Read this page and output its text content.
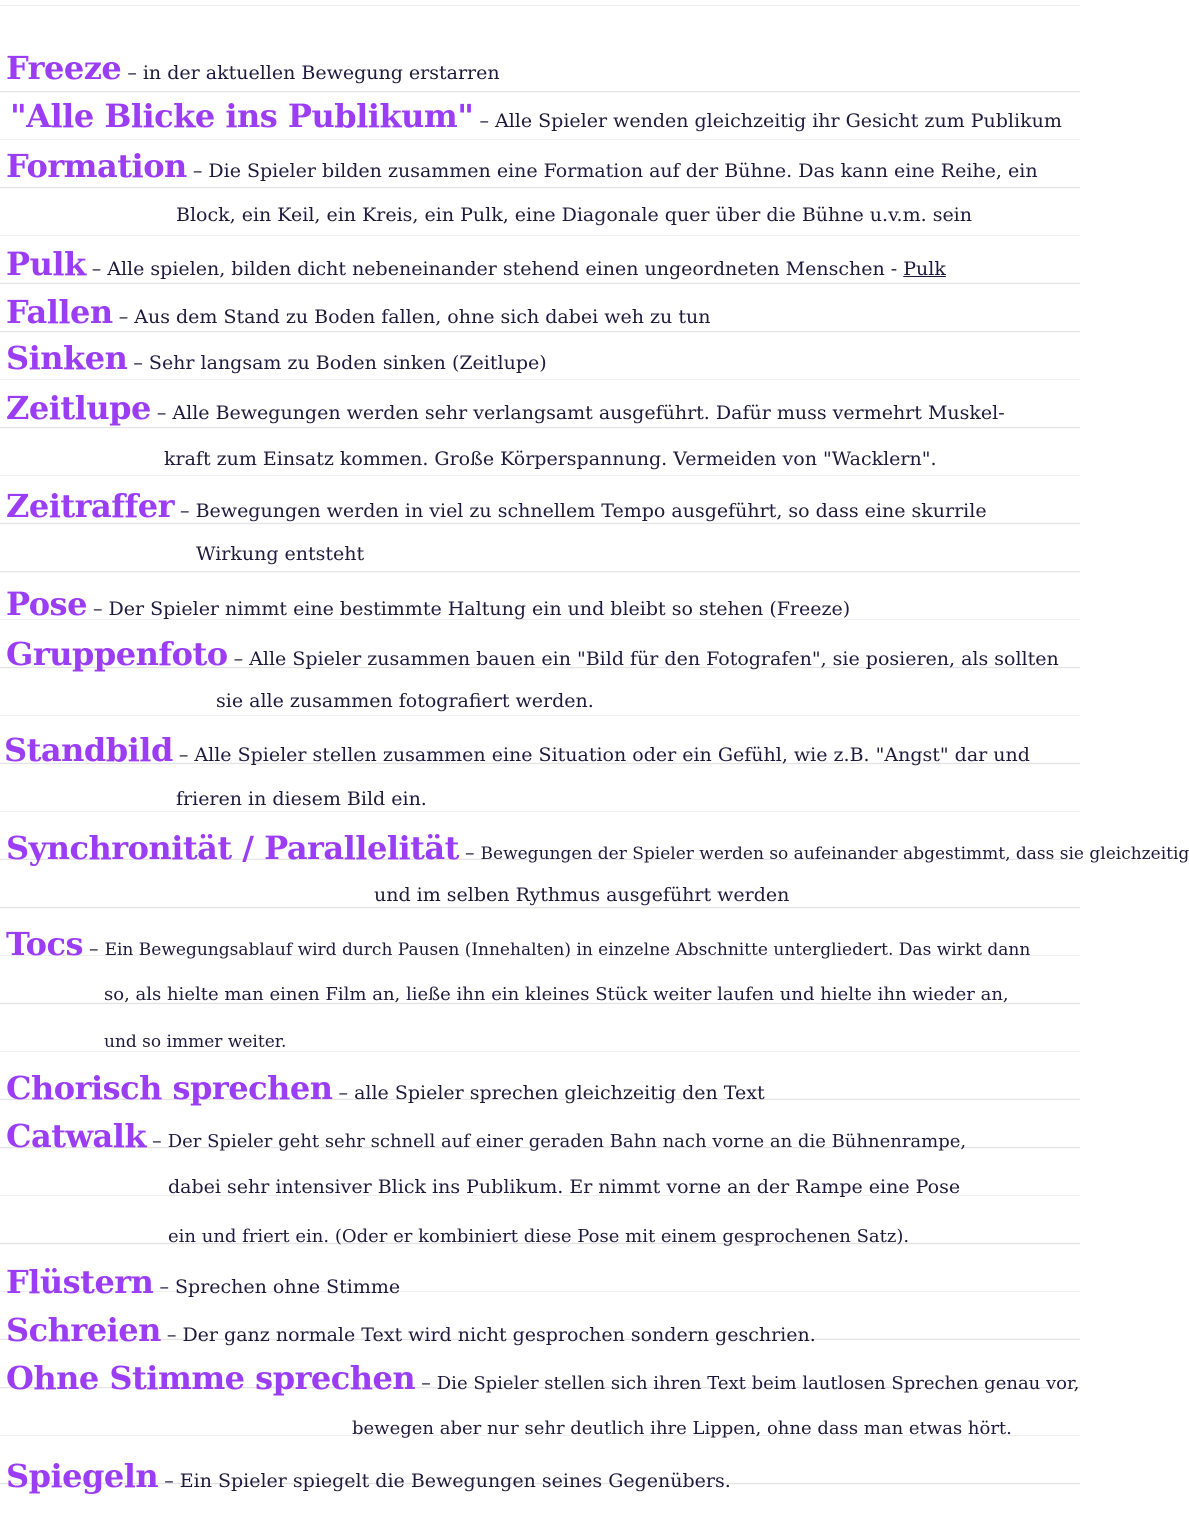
Freeze – in der aktuellen Bewegung erstarren
"Alle Blicke ins Publikum" – Alle Spieler wenden gleichzeitig ihr Gesicht zum Publikum
Formation – Die Spieler bilden zusammen eine Formation auf der Bühne. Das kann eine Reihe, ein
Block, ein Keil, ein Kreis, ein Pulk, eine Diagonale quer über die Bühne u.v.m. sein
Pulk – Alle spielen, bilden dicht nebeneinander stehend einen ungeordneten Menschen - Pulk
Fallen – Aus dem Stand zu Boden fallen, ohne sich dabei weh zu tun
Sinken – Sehr langsam zu Boden sinken (Zeitlupe)
Zeitlupe – Alle Bewegungen werden sehr verlangsamt ausgeführt. Dafür muss vermehrt Muskel-
kraft zum Einsatz kommen. Große Körperspannung. Vermeiden von "Wacklern".
Zeitraffer – Bewegungen werden in viel zu schnellem Tempo ausgeführt, so dass eine skurrile
Wirkung entsteht
Pose – Der Spieler nimmt eine bestimmte Haltung ein und bleibt so stehen (Freeze)
Gruppenfoto – Alle Spieler zusammen bauen ein "Bild für den Fotografen", sie posieren, als sollten
sie alle zusammen fotografiert werden.
Standbild – Alle Spieler stellen zusammen eine Situation oder ein Gefühl, wie z.B. "Angst" dar und
frieren in diesem Bild ein.
Synchronität / Parallelität – Bewegungen der Spieler werden so aufeinander abgestimmt, dass sie gleichzeitig
und im selben Rythmus ausgeführt werden
Tocs – Ein Bewegungsablauf wird durch Pausen (Innehalten) in einzelne Abschnitte untergliedert. Das wirkt dann
so, als hielte man einen Film an, ließe ihn ein kleines Stück weiter laufen und hielte ihn wieder an,
und so immer weiter.
Chorisch sprechen – alle Spieler sprechen gleichzeitig den Text
Catwalk – Der Spieler geht sehr schnell auf einer geraden Bahn nach vorne an die Bühnenrampe,
dabei sehr intensiver Blick ins Publikum. Er nimmt vorne an der Rampe eine Pose
ein und friert ein. (Oder er kombiniert diese Pose mit einem gesprochenen Satz).
Flüstern – Sprechen ohne Stimme
Schreien – Der ganz normale Text wird nicht gesprochen sondern geschrien.
Ohne Stimme sprechen – Die Spieler stellen sich ihren Text beim lautlosen Sprechen genau vor,
bewegen aber nur sehr deutlich ihre Lippen, ohne dass man etwas hört.
Spiegeln – Ein Spieler spiegelt die Bewegungen seines Gegenübers.
